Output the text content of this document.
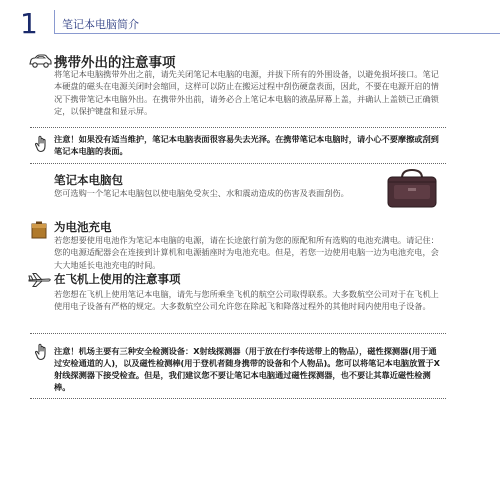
1 笔记本电脑简介
携带外出的注意事项
将笔记本电脑携带外出之前，请先关闭笔记本电脑的电源，并拔下所有的外围设备，以避免损坏接口。笔记本硬盘的磁头在电源关闭时会缩回，这样可以防止在搬运过程中刮伤硬盘表面，因此，不要在电源开启的情况下携带笔记本电脑外出。在携带外出前，请务必合上笔记本电脑的液晶屏幕上盖，并确认上盖锁已正确锁定，以保护键盘和显示屏。
注意！如果没有适当维护，笔记本电脑表面很容易失去光泽。在携带笔记本电脑时，请小心不要摩擦或刮到笔记本电脑的表面。
笔记本电脑包
您可选购一个笔记本电脑包以使电脑免受灰尘、水和震动造成的伤害及表面刮伤。
为电池充电
若您想要使用电池作为笔记本电脑的电源，请在长途旅行前为您的原配和所有选购的电池充满电。请记住：您的电源适配器会在连接到计算机和电源插座时为电池充电。但是，若您一边使用电脑一边为电池充电，会大大地延长电池充电的时间。
在飞机上使用的注意事项
若您想在飞机上使用笔记本电脑，请先与您所乘坐飞机的航空公司取得联系。大多数航空公司对于在飞机上使用电子设备有严格的规定。大多数航空公司允许您在除起飞和降落过程外的其他时间内使用电子设备。
注意！机场主要有三种安全检测设备：X射线探测器（用于放在行李传送带上的物品），磁性探测器(用于通过安检通道的人)，以及磁性检测棒(用于登机者随身携带的设备和个人物品)。您可以将笔记本电脑放置于X射线探测器下接受检查。但是，我们建议您不要让笔记本电脑通过磁性探测器，也不要让其靠近磁性检测棒。
